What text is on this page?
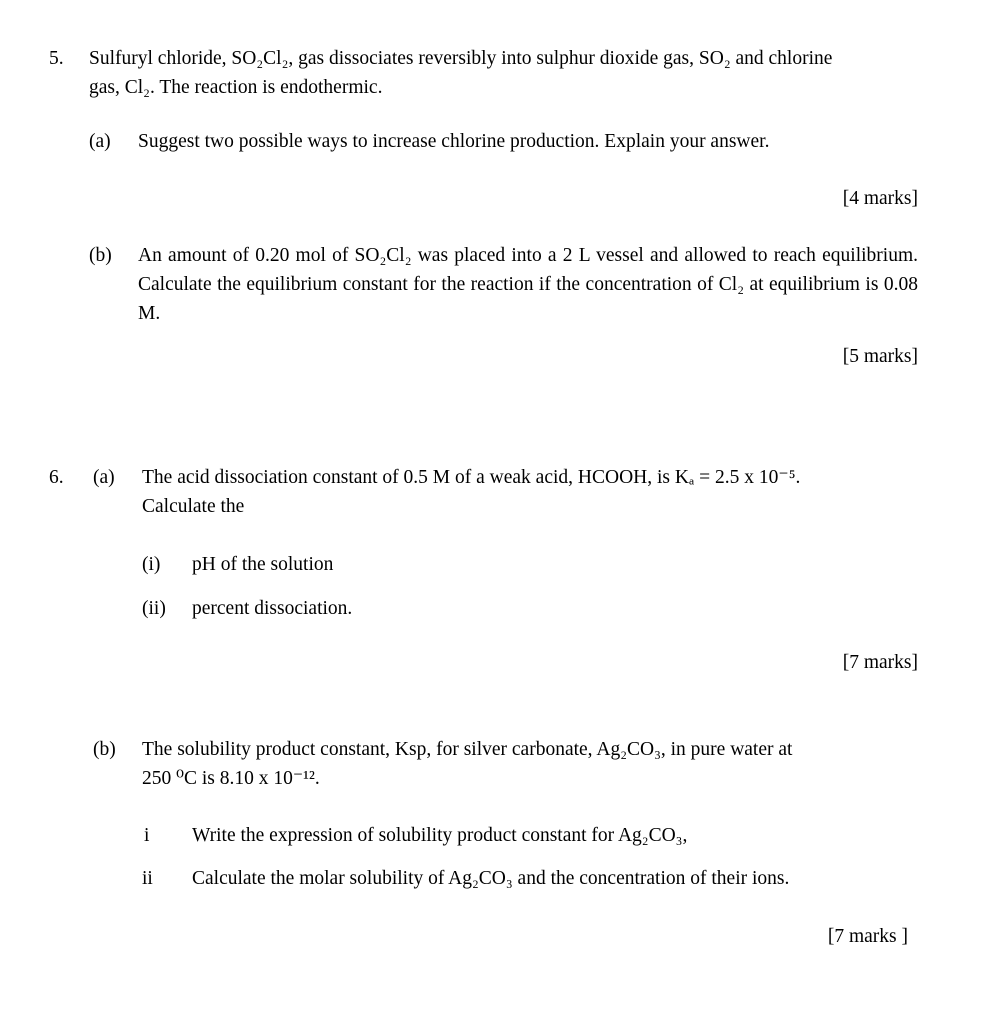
5. Sulfuryl chloride, SO₂Cl₂, gas dissociates reversibly into sulphur dioxide gas, SO₂ and chlorine
gas, Cl₂. The reaction is endothermic.
(a) Suggest two possible ways to increase chlorine production. Explain your answer.
[4 marks]
(b) An amount of 0.20 mol of SO₂Cl₂ was placed into a 2 L vessel and allowed to reach equilibrium. Calculate the equilibrium constant for the reaction if the concentration of Cl₂ at equilibrium is 0.08 M.
[5 marks]
6. (a) The acid dissociation constant of 0.5 M of a weak acid, HCOOH, is Kₐ = 2.5 x 10⁻⁵.
Calculate the
(i) pH of the solution
(ii) percent dissociation.
[7 marks]
(b) The solubility product constant, Ksp, for silver carbonate, Ag₂CO₃, in pure water at
250 ⁰C is 8.10 x 10⁻¹².
i Write the expression of solubility product constant for Ag₂CO₃,
ii Calculate the molar solubility of Ag₂CO₃ and the concentration of their ions.
[7 marks ]
